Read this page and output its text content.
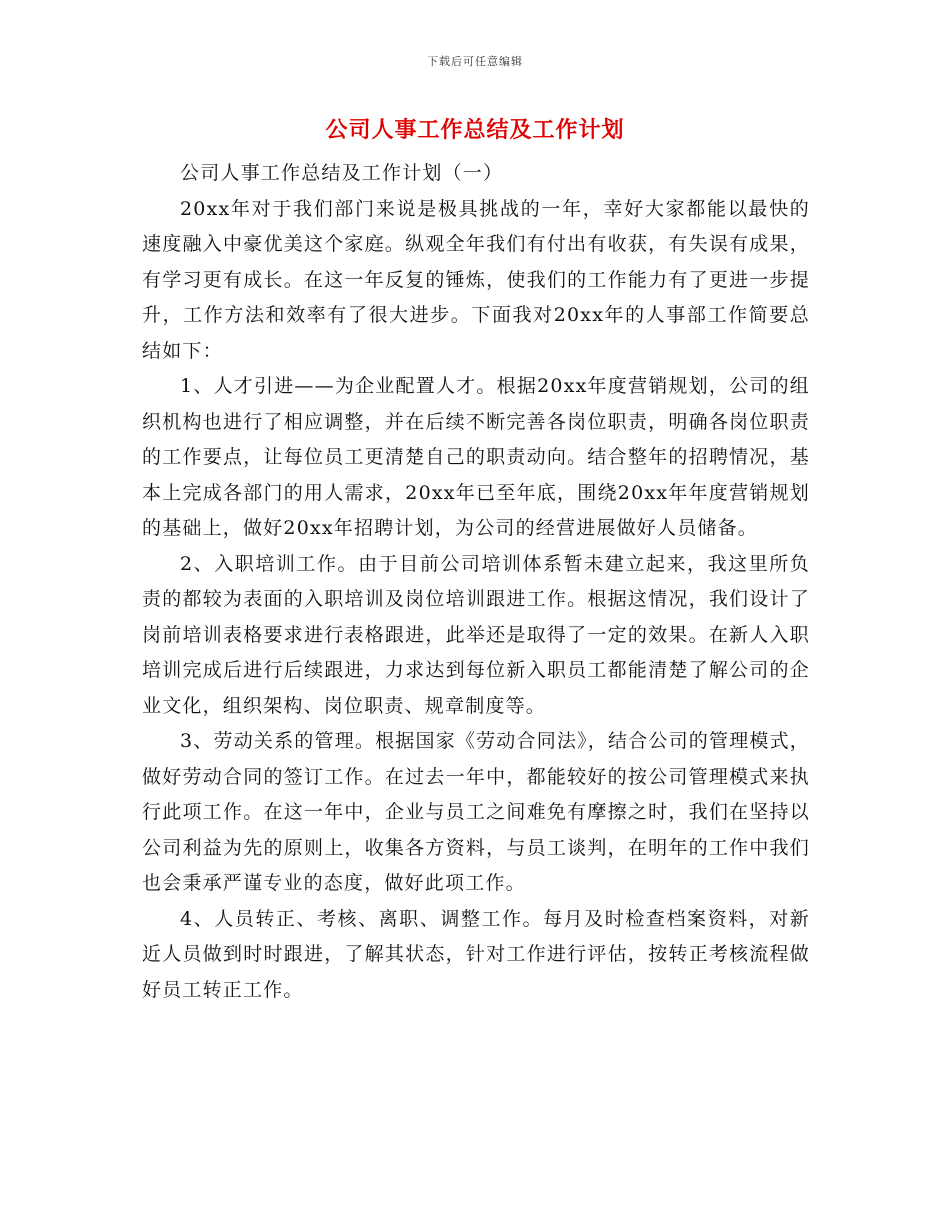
下载后可任意编辑
公司人事工作总结及工作计划

公司人事工作总结及工作计划（一）

20xx年对于我们部门来说是极具挑战的一年，幸好大家都能以最快的速度融入中豪优美这个家庭。纵观全年我们有付出有收获，有失误有成果，有学习更有成长。在这一年反复的锤炼，使我们的工作能力有了更进一步提升，工作方法和效率有了很大进步。下面我对20xx年的人事部工作简要总结如下：

1、人才引进——为企业配置人才。根据20xx年度营销规划，公司的组织机构也进行了相应调整，并在后续不断完善各岗位职责，明确各岗位职责的工作要点，让每位员工更清楚自己的职责动向。结合整年的招聘情况，基本上完成各部门的用人需求，20xx年已至年底，围绕20xx年年度营销规划的基础上，做好20xx年招聘计划，为公司的经营进展做好人员储备。

2、入职培训工作。由于目前公司培训体系暂未建立起来，我这里所负责的都较为表面的入职培训及岗位培训跟进工作。根据这情况，我们设计了岗前培训表格要求进行表格跟进，此举还是取得了一定的效果。在新人入职培训完成后进行后续跟进，力求达到每位新入职员工都能清楚了解公司的企业文化，组织架构、岗位职责、规章制度等。

3、劳动关系的管理。根据国家《劳动合同法》，结合公司的管理模式，做好劳动合同的签订工作。在过去一年中，都能较好的按公司管理模式来执行此项工作。在这一年中，企业与员工之间难免有摩擦之时，我们在坚持以公司利益为先的原则上，收集各方资料，与员工谈判，在明年的工作中我们也会秉承严谨专业的态度，做好此项工作。

4、人员转正、考核、离职、调整工作。每月及时检查档案资料，对新近人员做到时时跟进，了解其状态，针对工作进行评估，按转正考核流程做好员工转正工作。
